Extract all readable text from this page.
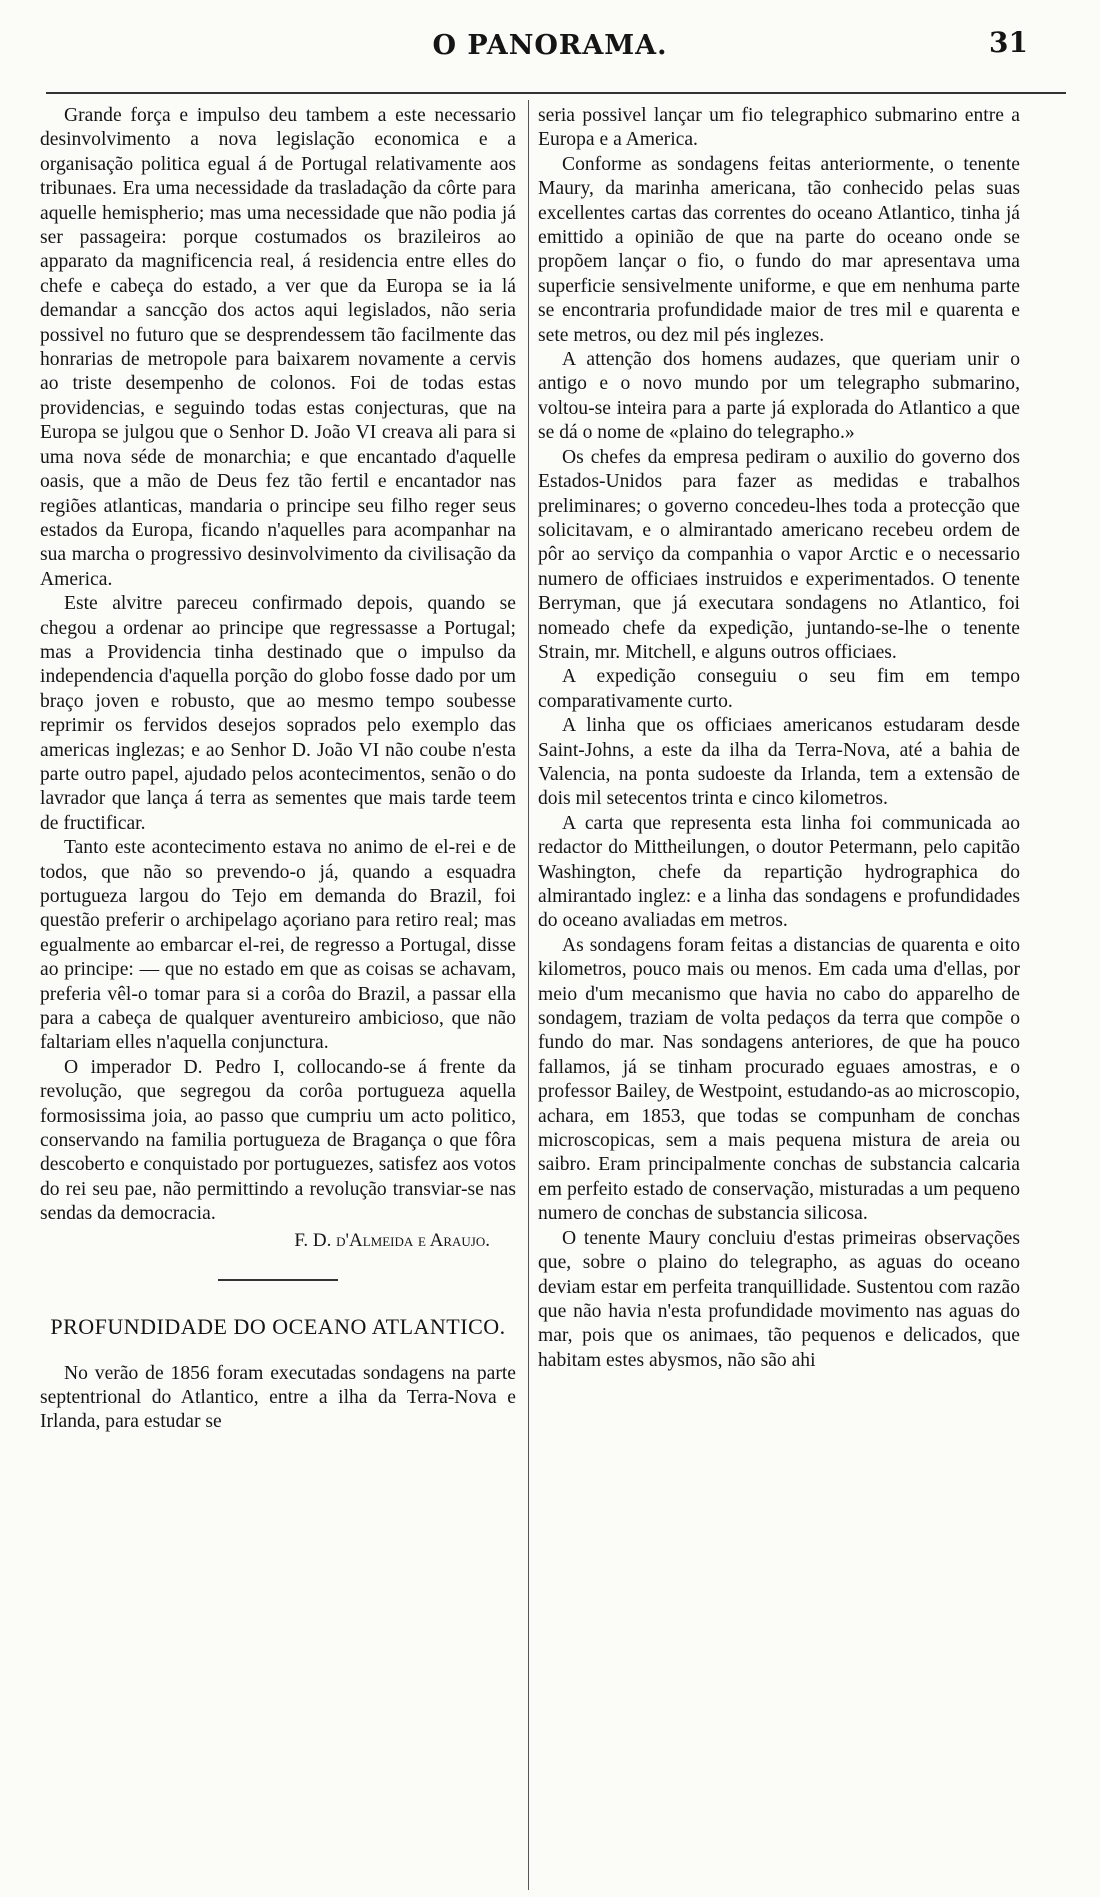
O PANORAMA.	31

Grande força e impulso deu tambem a este necessario desinvolvimento a nova legislação economica e a organisação politica egual á de Portugal relativamente aos tribunaes. Era uma necessidade da trasladação da côrte para aquelle hemispherio; mas uma necessidade que não podia já ser passageira: porque costumados os brazileiros ao apparato da magnificencia real, á residencia entre elles do chefe e cabeça do estado, a ver que da Europa se ia lá demandar a sancção dos actos aqui legislados, não seria possivel no futuro que se desprendessem tão facilmente das honrarias de metropole para baixarem novamente a cervis ao triste desempenho de colonos. Foi de todas estas providencias, e seguindo todas estas conjecturas, que na Europa se julgou que o Senhor D. João VI creava ali para si uma nova séde de monarchia; e que encantado d'aquelle oasis, que a mão de Deus fez tão fertil e encantador nas regiões atlanticas, mandaria o principe seu filho reger seus estados da Europa, ficando n'aquelles para acompanhar na sua marcha o progressivo desinvolvimento da civilisação da America.

Este alvitre pareceu confirmado depois, quando se chegou a ordenar ao principe que regressasse a Portugal; mas a Providencia tinha destinado que o impulso da independencia d'aquella porção do globo fosse dado por um braço joven e robusto, que ao mesmo tempo soubesse reprimir os fervidos desejos soprados pelo exemplo das americas inglezas; e ao Senhor D. João VI não coube n'esta parte outro papel, ajudado pelos acontecimentos, senão o do lavrador que lança á terra as sementes que mais tarde teem de fructificar.

Tanto este acontecimento estava no animo de el-rei e de todos, que não so prevendo-o já, quando a esquadra portugueza largou do Tejo em demanda do Brazil, foi questão preferir o archipelago açoriano para retiro real; mas egualmente ao embarcar el-rei, de regresso a Portugal, disse ao principe: — que no estado em que as coisas se achavam, preferia vêl-o tomar para si a corôa do Brazil, a passar ella para a cabeça de qualquer aventureiro ambicioso, que não faltariam elles n'aquella conjunctura.

O imperador D. Pedro I, collocando-se á frente da revolução, que segregou da corôa portugueza aquella formosissima joia, ao passo que cumpriu um acto politico, conservando na familia portugueza de Bragança o que fôra descoberto e conquistado por portuguezes, satisfez aos votos do rei seu pae, não permittindo a revolução transviar-se nas sendas da democracia.

F. D. d'Almeida e Araujo.
PROFUNDIDADE DO OCEANO ATLANTICO.

No verão de 1856 foram executadas sondagens na parte septentrional do Atlantico, entre a ilha da Terra-Nova e Irlanda, para estudar se

seria possivel lançar um fio telegraphico submarino entre a Europa e a America.

Conforme as sondagens feitas anteriormente, o tenente Maury, da marinha americana, tão conhecido pelas suas excellentes cartas das correntes do oceano Atlantico, tinha já emittido a opinião de que na parte do oceano onde se propõem lançar o fio, o fundo do mar apresentava uma superficie sensivelmente uniforme, e que em nenhuma parte se encontraria profundidade maior de tres mil e quarenta e sete metros, ou dez mil pés inglezes.

A attenção dos homens audazes, que queriam unir o antigo e o novo mundo por um telegrapho submarino, voltou-se inteira para a parte já explorada do Atlantico a que se dá o nome de «plaino do telegrapho.»

Os chefes da empresa pediram o auxilio do governo dos Estados-Unidos para fazer as medidas e trabalhos preliminares; o governo concedeu-lhes toda a protecção que solicitavam, e o almirantado americano recebeu ordem de pôr ao serviço da companhia o vapor Arctic e o necessario numero de officiaes instruidos e experimentados. O tenente Berryman, que já executara sondagens no Atlantico, foi nomeado chefe da expedição, juntando-se-lhe o tenente Strain, mr. Mitchell, e alguns outros officiaes.

A expedição conseguiu o seu fim em tempo comparativamente curto.

A linha que os officiaes americanos estudaram desde Saint-Johns, a este da ilha da Terra-Nova, até a bahia de Valencia, na ponta sudoeste da Irlanda, tem a extensão de dois mil setecentos trinta e cinco kilometros.

A carta que representa esta linha foi communicada ao redactor do Mittheilungen, o doutor Petermann, pelo capitão Washington, chefe da repartição hydrographica do almirantado inglez: e a linha das sondagens e profundidades do oceano avaliadas em metros.

As sondagens foram feitas a distancias de quarenta e oito kilometros, pouco mais ou menos. Em cada uma d'ellas, por meio d'um mecanismo que havia no cabo do apparelho de sondagem, traziam de volta pedaços da terra que compõe o fundo do mar. Nas sondagens anteriores, de que ha pouco fallamos, já se tinham procurado eguaes amostras, e o professor Bailey, de Westpoint, estudando-as ao microscopio, achara, em 1853, que todas se compunham de conchas microscopicas, sem a mais pequena mistura de areia ou saibro. Eram principalmente conchas de substancia calcaria em perfeito estado de conservação, misturadas a um pequeno numero de conchas de substancia silicosa.

O tenente Maury concluiu d'estas primeiras observações que, sobre o plaino do telegrapho, as aguas do oceano deviam estar em perfeita tranquillidade. Sustentou com razão que não havia n'esta profundidade movimento nas aguas do mar, pois que os animaes, tão pequenos e delicados, que habitam estes abysmos, não são ahi
